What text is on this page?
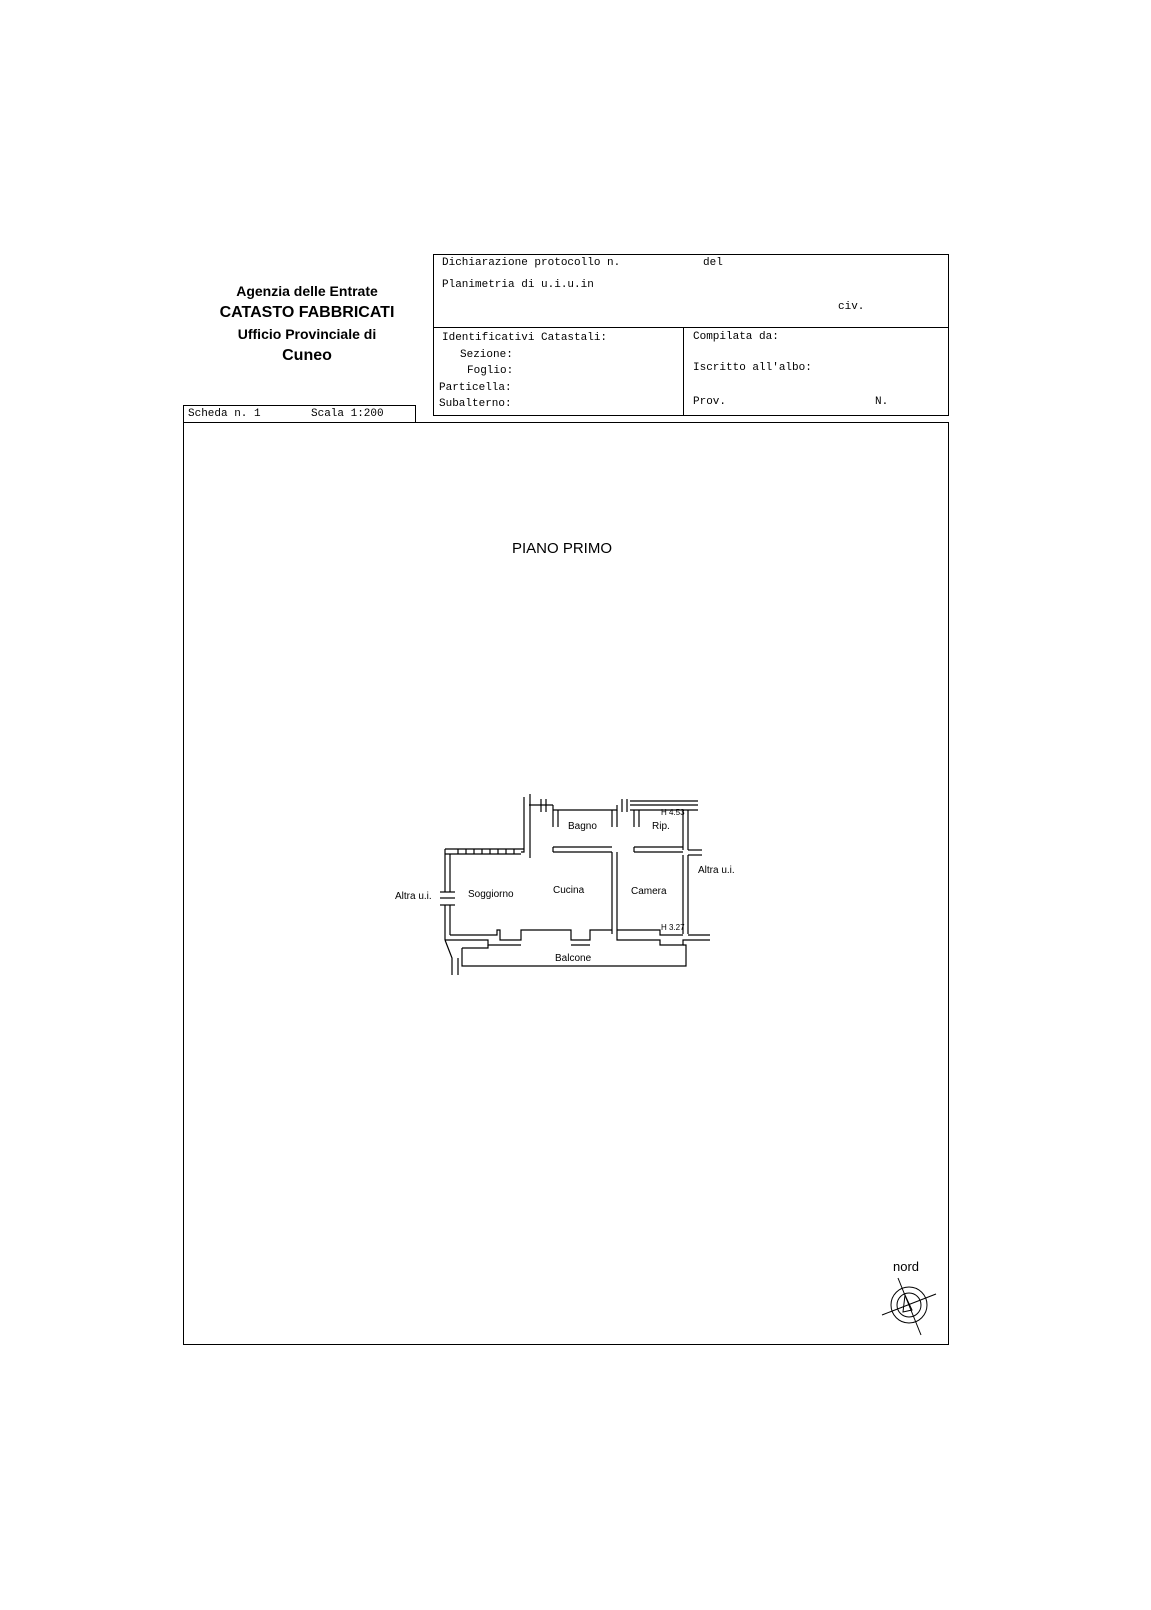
Agenzia delle Entrate
CATASTO FABBRICATI
Ufficio Provinciale di
Cuneo
Dichiarazione protocollo n.	del
Planimetria di u.i.u.in
civ.
Identificativi Catastali:
Sezione:
Foglio:
Particella:
Subalterno:
Compilata da:
Iscritto all'albo:
Prov.	N.
Scheda n. 1	Scala 1:200
PIANO PRIMO
Bagno	Rip.
H 4.53
Altra u.i.
Altra u.i.	Soggiorno	Cucina	Camera
H 3.27
Balcone
nord
